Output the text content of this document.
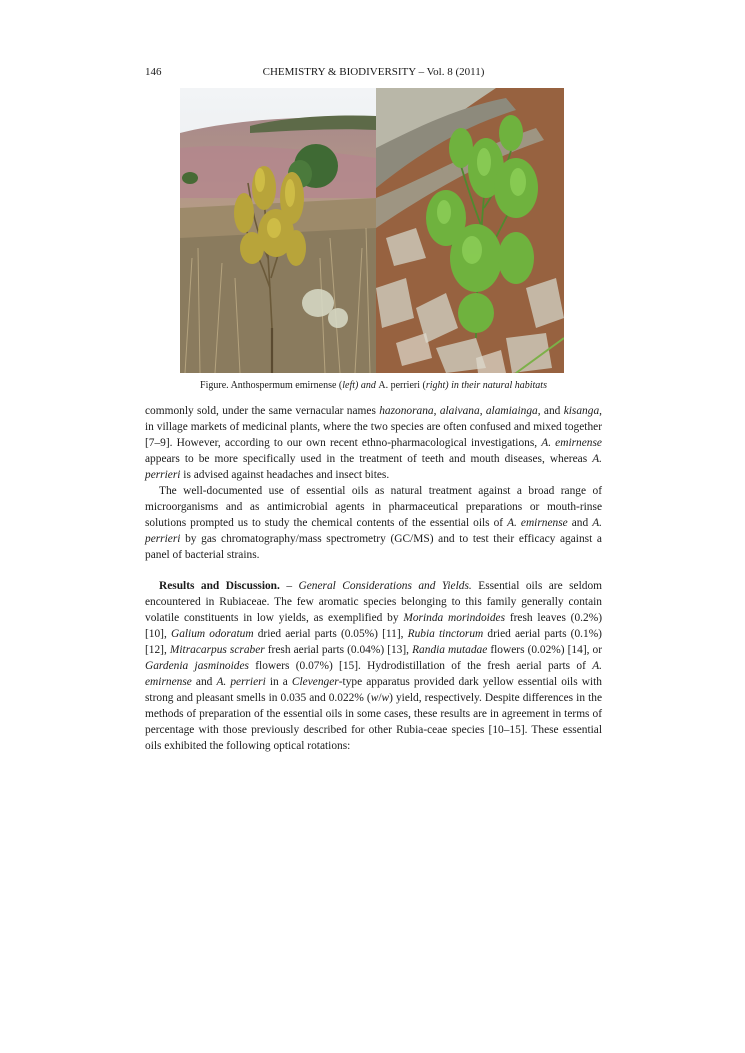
146	CHEMISTRY & BIODIVERSITY – Vol. 8 (2011)
Figure. Anthospermum emirnense (left) and A. perrieri (right) in their natural habitats

commonly sold, under the same vernacular names hazonorana, alaivana, alamiainga, and kisanga, in village markets of medicinal plants, where the two species are often confused and mixed together [7–9]. However, according to our own recent ethno-pharmacological investigations, A. emirnense appears to be more specifically used in the treatment of teeth and mouth diseases, whereas A. perrieri is advised against headaches and insect bites.

The well-documented use of essential oils as natural treatment against a broad range of microorganisms and as antimicrobial agents in pharmaceutical preparations or mouth-rinse solutions prompted us to study the chemical contents of the essential oils of A. emirnense and A. perrieri by gas chromatography/mass spectrometry (GC/MS) and to test their efficacy against a panel of bacterial strains.

Results and Discussion. – General Considerations and Yields. Essential oils are seldom encountered in Rubiaceae. The few aromatic species belonging to this family generally contain volatile constituents in low yields, as exemplified by Morinda morindoides fresh leaves (0.2%) [10], Galium odoratum dried aerial parts (0.05%) [11], Rubia tinctorum dried aerial parts (0.1%) [12], Mitracarpus scraber fresh aerial parts (0.04%) [13], Randia mutadae flowers (0.02%) [14], or Gardenia jasminoides flowers (0.07%) [15]. Hydrodistillation of the fresh aerial parts of A. emirnense and A. perrieri in a Clevenger-type apparatus provided dark yellow essential oils with strong and pleasant smells in 0.035 and 0.022% (w/w) yield, respectively. Despite differences in the methods of preparation of the essential oils in some cases, these results are in agreement in terms of percentage with those previously described for other Rubia-ceae species [10–15]. These essential oils exhibited the following optical rotations:
